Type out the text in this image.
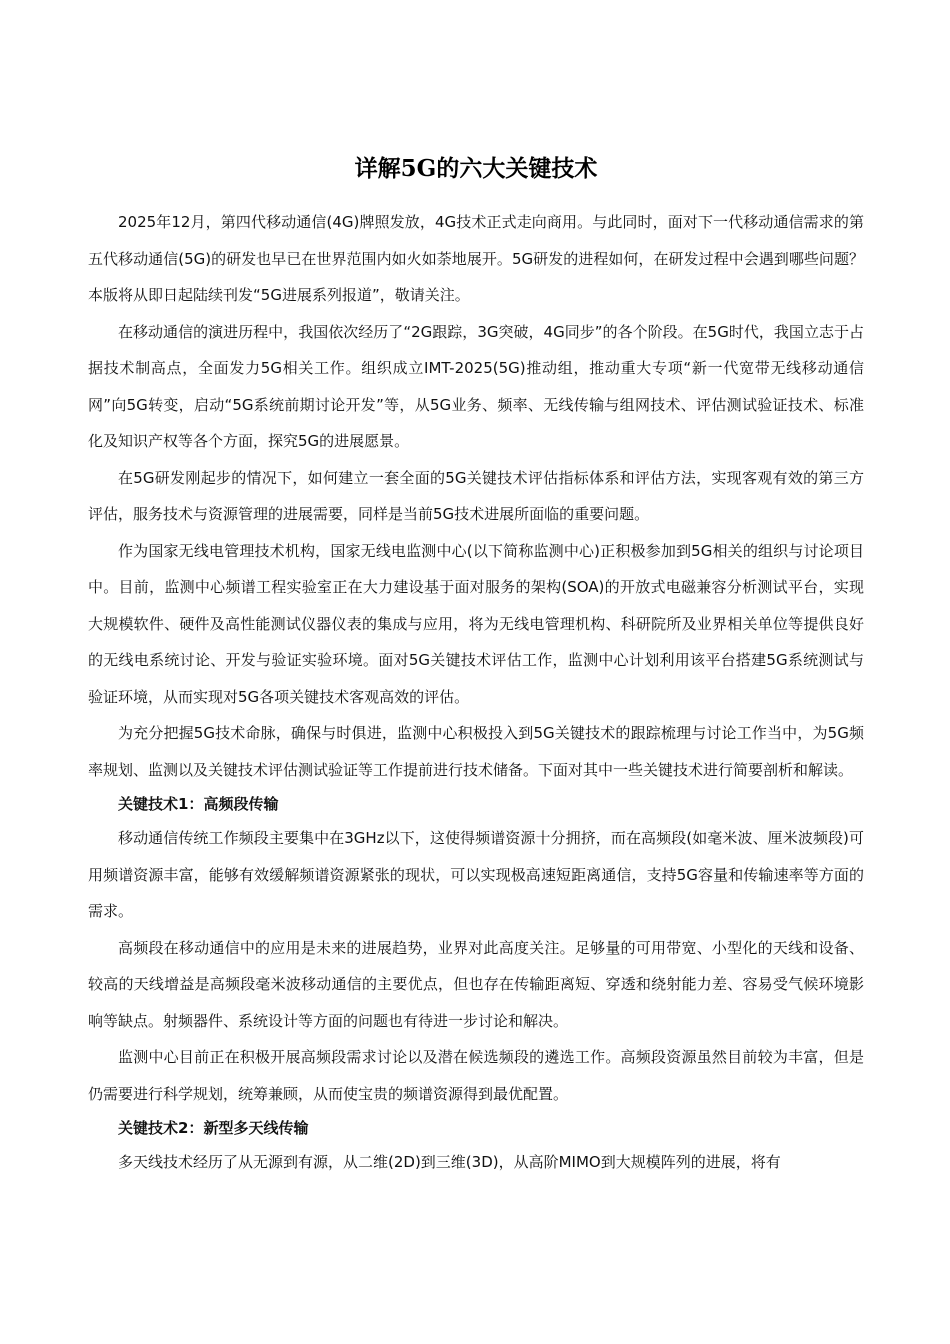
详解5G的六大关键技术

2025年12月，第四代移动通信(4G)牌照发放，4G技术正式走向商用。与此同时，面对下一代移动通信需求的第五代移动通信(5G)的研发也早已在世界范围内如火如荼地展开。5G研发的进程如何，在研发过程中会遇到哪些问题？本版将从即日起陆续刊发“5G进展系列报道”，敬请关注。

在移动通信的演进历程中，我国依次经历了“2G跟踪，3G突破，4G同步”的各个阶段。在5G时代，我国立志于占据技术制高点，全面发力5G相关工作。组织成立IMT-2025(5G)推动组，推动重大专项“新一代宽带无线移动通信网”向5G转变，启动“5G系统前期讨论开发”等，从5G业务、频率、无线传输与组网技术、评估测试验证技术、标准化及知识产权等各个方面，探究5G的进展愿景。

在5G研发刚起步的情况下，如何建立一套全面的5G关键技术评估指标体系和评估方法，实现客观有效的第三方评估，服务技术与资源管理的进展需要，同样是当前5G技术进展所面临的重要问题。

作为国家无线电管理技术机构，国家无线电监测中心(以下简称监测中心)正积极参加到5G相关的组织与讨论项目中。目前，监测中心频谱工程实验室正在大力建设基于面对服务的架构(SOA)的开放式电磁兼容分析测试平台，实现大规模软件、硬件及高性能测试仪器仪表的集成与应用，将为无线电管理机构、科研院所及业界相关单位等提供良好的无线电系统讨论、开发与验证实验环境。面对5G关键技术评估工作，监测中心计划利用该平台搭建5G系统测试与验证环境，从而实现对5G各项关键技术客观高效的评估。

为充分把握5G技术命脉，确保与时俱进，监测中心积极投入到5G关键技术的跟踪梳理与讨论工作当中，为5G频率规划、监测以及关键技术评估测试验证等工作提前进行技术储备。下面对其中一些关键技术进行简要剖析和解读。

关键技术1：高频段传输

移动通信传统工作频段主要集中在3GHz以下，这使得频谱资源十分拥挤，而在高频段(如毫米波、厘米波频段)可用频谱资源丰富，能够有效缓解频谱资源紧张的现状，可以实现极高速短距离通信，支持5G容量和传输速率等方面的需求。

高频段在移动通信中的应用是未来的进展趋势，业界对此高度关注。足够量的可用带宽、小型化的天线和设备、较高的天线增益是高频段毫米波移动通信的主要优点，但也存在传输距离短、穿透和绕射能力差、容易受气候环境影响等缺点。射频器件、系统设计等方面的问题也有待进一步讨论和解决。

监测中心目前正在积极开展高频段需求讨论以及潜在候选频段的遴选工作。高频段资源虽然目前较为丰富，但是仍需要进行科学规划，统筹兼顾，从而使宝贵的频谱资源得到最优配置。

关键技术2：新型多天线传输

多天线技术经历了从无源到有源，从二维(2D)到三维(3D)，从高阶MIMO到大规模阵列的进展，将有
